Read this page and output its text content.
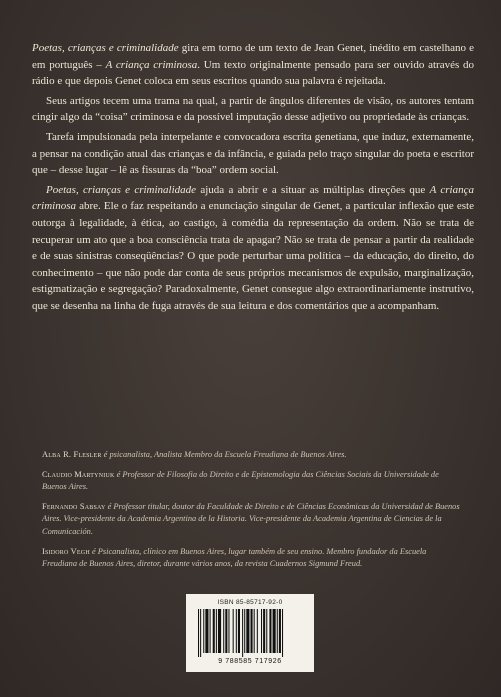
Poetas, crianças e criminalidade gira em torno de um texto de Jean Genet, inédito em castelhano e em português – A criança criminosa. Um texto originalmente pensado para ser ouvido através do rádio e que depois Genet coloca em seus escritos quando sua palavra é rejeitada.

Seus artigos tecem uma trama na qual, a partir de ângulos diferentes de visão, os autores tentam cingir algo da “coisa” criminosa e da possível imputação desse adjetivo ou propriedade às crianças.

Tarefa impulsionada pela interpelante e convocadora escrita genetiana, que induz, externamente, a pensar na condição atual das crianças e da infância, e guiada pelo traço singular do poeta e escritor que – desse lugar – lê as fissuras da “boa” ordem social.

Poetas, crianças e criminalidade ajuda a abrir e a situar as múltiplas direções que A criança criminosa abre. Ele o faz respeitando a enunciação singular de Genet, a particular inflexão que este outorga à legalidade, à ética, ao castigo, à comédia da representação da ordem. Não se trata de recuperar um ato que a boa consciência trata de apagar? Não se trata de pensar a partir da realidade e de suas sinistras conseqüências? O que pode perturbar uma política – da educação, do direito, do conhecimento – que não pode dar conta de seus próprios mecanismos de expulsão, marginalização, estigmatização e segregação? Paradoxalmente, Genet consegue algo extraordinariamente instrutivo, que se desenha na linha de fuga através de sua leitura e dos comentários que a acompanham.

Alba R. Flesler é psicanalista, Analista Membro da Escuela Freudiana de Buenos Aires.

Claudio Martyniuk é Professor de Filosofia do Direito e de Epistemologia das Ciências Sociais da Universidade de Buenos Aires.

Fernando Sabsay é Professor titular, doutor da Faculdade de Direito e de Ciências Econômicas da Universidad de Buenos Aires. Vice-presidente da Academia Argentina de la Historia. Vice-presidente da Academia Argentina de Ciencias de la Comunicación.

Isidoro Vegh é Psicanalista, clínico em Buenos Aires, lugar também de seu ensino. Membro fundador da Escuela Freudiana de Buenos Aires, diretor, durante vários anos, da revista Cuadernos Sigmund Freud.

ISBN 85-85717-92-0
9 788585 717926
